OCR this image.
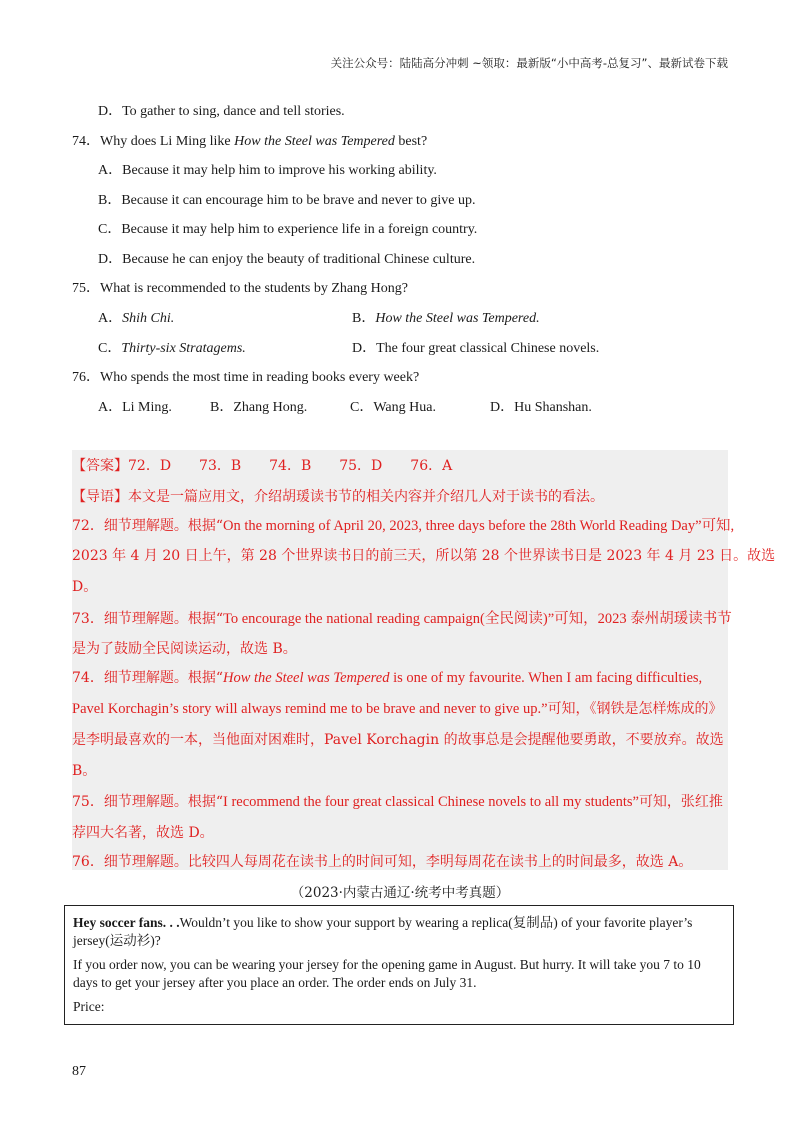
关注公众号：陆陆高分冲刺 ~领取：最新版“小中高考-总复习”、最新试卷下载
D．To gather to sing, dance and tell stories.
74．Why does Li Ming like How the Steel was Tempered best?
A．Because it may help him to improve his working ability.
B．Because it can encourage him to be brave and never to give up.
C．Because it may help him to experience life in a foreign country.
D．Because he can enjoy the beauty of traditional Chinese culture.
75．What is recommended to the students by Zhang Hong?
A．Shih Chi.	B．How the Steel was Tempered.
C．Thirty-six Stratagems.	D．The four great classical Chinese novels.
76．Who spends the most time in reading books every week?
A．Li Ming.	B．Zhang Hong.	C．Wang Hua.	D．Hu Shanshan.
【答案】72．D　　73．B　　74．B　　75．D　　76．A
【导语】本文是一篇应用文，介绍胡瑗读书节的相关内容并介绍几人对于读书的看法。
72．细节理解题。根据“On the morning of April 20, 2023, three days before the 28th World Reading Day”可知,
2023 年 4 月 20 日上午，第 28 个世界读书日的前三天，所以第 28 个世界读书日是 2023 年 4 月 23 日。故选
D。
73．细节理解题。根据“To encourage the national reading campaign(全民阅读)”可知，2023 泰州胡瑗读书节
是为了鼓励全民阅读运动，故选 B。
74．细节理解题。根据“How the Steel was Tempered is one of my favourite. When I am facing difficulties,
Pavel Korchagin’s story will always remind me to be brave and never to give up.”可知，《钢铁是怎样炼成的》
是李明最喜欢的一本，当他面对困难时，Pavel Korchagin 的故事总是会提醒他要勇敢，不要放弃。故选
B。
75．细节理解题。根据“I recommend the four great classical Chinese novels to all my students”可知，张红推
荐四大名著，故选 D。
76．细节理解题。比较四人每周花在读书上的时间可知，李明每周花在读书上的时间最多，故选 A。
（2023·内蒙古通辽·统考中考真题）

Hey soccer fans. . .Wouldn’t you like to show your support by wearing a replica(复制品) of your favorite player’s jersey(运动衫)?

If you order now, you can be wearing your jersey for the opening game in August. But hurry. It will take you 7 to 10 days to get your jersey after you place an order. The order ends on July 31.

Price:

87
